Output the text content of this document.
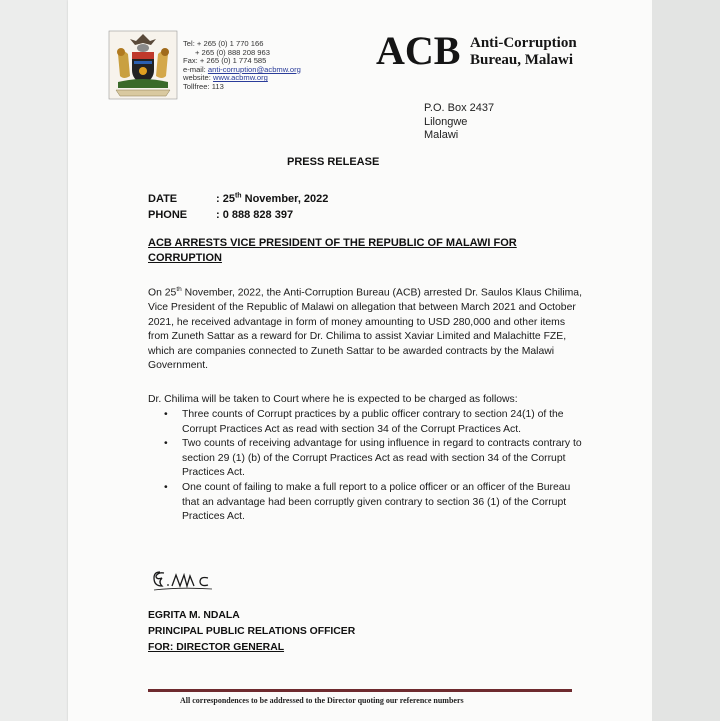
Tel: + 265 (0) 1 770 166
+ 265 (0) 888 208 963
Fax: + 265 (0) 1 774 585
e-mail: anti-corruption@acbmw.org
website: www.acbmw.org
Tollfree: 113
ACB Anti-Corruption
Bureau, Malawi
P.O. Box 2437
Lilongwe
Malawi
PRESS RELEASE
DATE	: 25th November, 2022
PHONE	: 0 888 828 397
ACB ARRESTS VICE PRESIDENT OF THE REPUBLIC OF MALAWI FOR CORRUPTION
On 25th November, 2022, the Anti-Corruption Bureau (ACB) arrested Dr. Saulos Klaus Chilima, Vice President of the Republic of Malawi on allegation that between March 2021 and October 2021, he received advantage in form of money amounting to USD 280,000 and other items from Zuneth Sattar as a reward for Dr. Chilima to assist Xaviar Limited and Malachitte FZE, which are companies connected to Zuneth Sattar to be awarded contracts by the Malawi Government.
Dr. Chilima will be taken to Court where he is expected to be charged as follows:
• Three counts of Corrupt practices by a public officer contrary to section 24(1) of the Corrupt Practices Act as read with section 34 of the Corrupt Practices Act.
• Two counts of receiving advantage for using influence in regard to contracts contrary to section 29 (1) (b) of the Corrupt Practices Act as read with section 34 of the Corrupt Practices Act.
• One count of failing to make a full report to a police officer or an officer of the Bureau that an advantage had been corruptly given contrary to section 36 (1) of the Corrupt Practices Act.
EGRITA M. NDALA
PRINCIPAL PUBLIC RELATIONS OFFICER
FOR: DIRECTOR GENERAL
All correspondences to be addressed to the Director quoting our reference numbers
